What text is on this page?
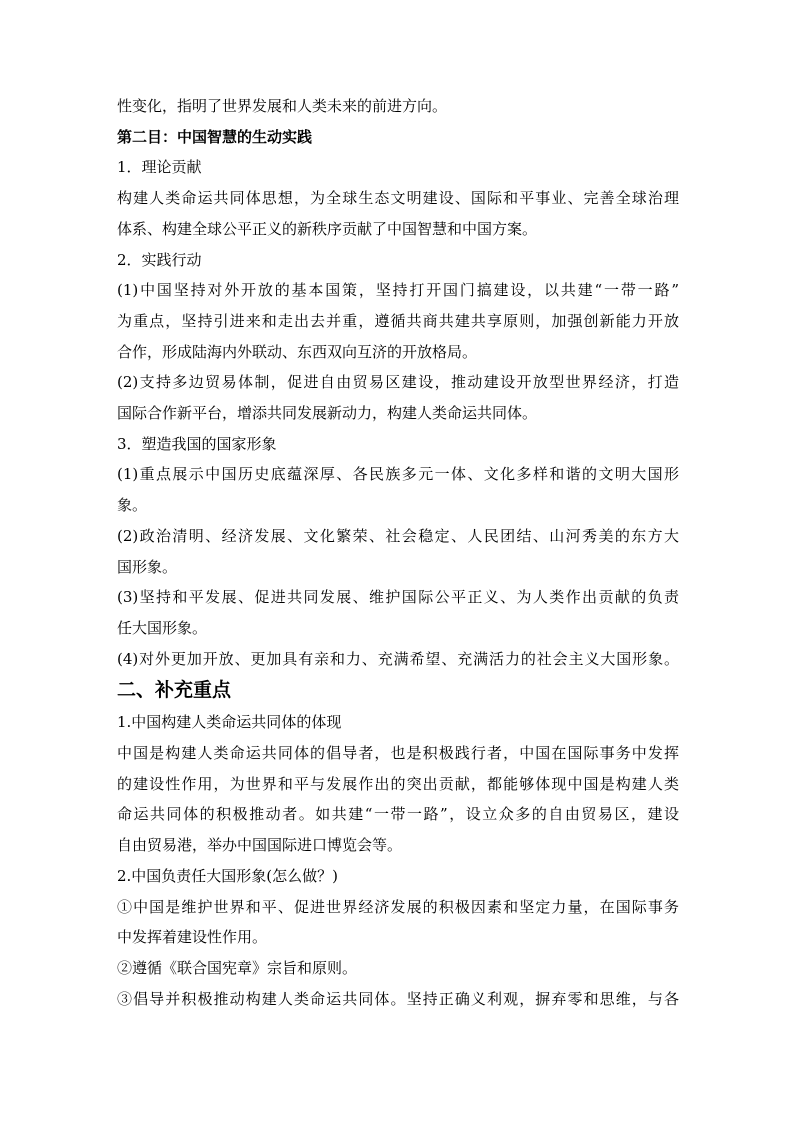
性变化，指明了世界发展和人类未来的前进方向。
第二目：中国智慧的生动实践
1．理论贡献
构建人类命运共同体思想，为全球生态文明建设、国际和平事业、完善全球治理
体系、构建全球公平正义的新秩序贡献了中国智慧和中国方案。
2．实践行动
(1)中国坚持对外开放的基本国策，坚持打开国门搞建设，以共建“一带一路”
为重点，坚持引进来和走出去并重，遵循共商共建共享原则，加强创新能力开放
合作，形成陆海内外联动、东西双向互济的开放格局。
(2)支持多边贸易体制，促进自由贸易区建设，推动建设开放型世界经济，打造
国际合作新平台，增添共同发展新动力，构建人类命运共同体。
3．塑造我国的国家形象
(1)重点展示中国历史底蕴深厚、各民族多元一体、文化多样和谐的文明大国形
象。
(2)政治清明、经济发展、文化繁荣、社会稳定、人民团结、山河秀美的东方大
国形象。
(3)坚持和平发展、促进共同发展、维护国际公平正义、为人类作出贡献的负责
任大国形象。
(4)对外更加开放、更加具有亲和力、充满希望、充满活力的社会主义大国形象。
二、补充重点
1.中国构建人类命运共同体的体现
中国是构建人类命运共同体的倡导者，也是积极践行者，中国在国际事务中发挥
的建设性作用，为世界和平与发展作出的突出贡献，都能够体现中国是构建人类
命运共同体的积极推动者。如共建“一带一路”，设立众多的自由贸易区，建设
自由贸易港，举办中国国际进口博览会等。
2.中国负责任大国形象(怎么做？)
①中国是维护世界和平、促进世界经济发展的积极因素和坚定力量，在国际事务
中发挥着建设性作用。
②遵循《联合国宪章》宗旨和原则。
③倡导并积极推动构建人类命运共同体。坚持正确义利观，摒弃零和思维，与各
